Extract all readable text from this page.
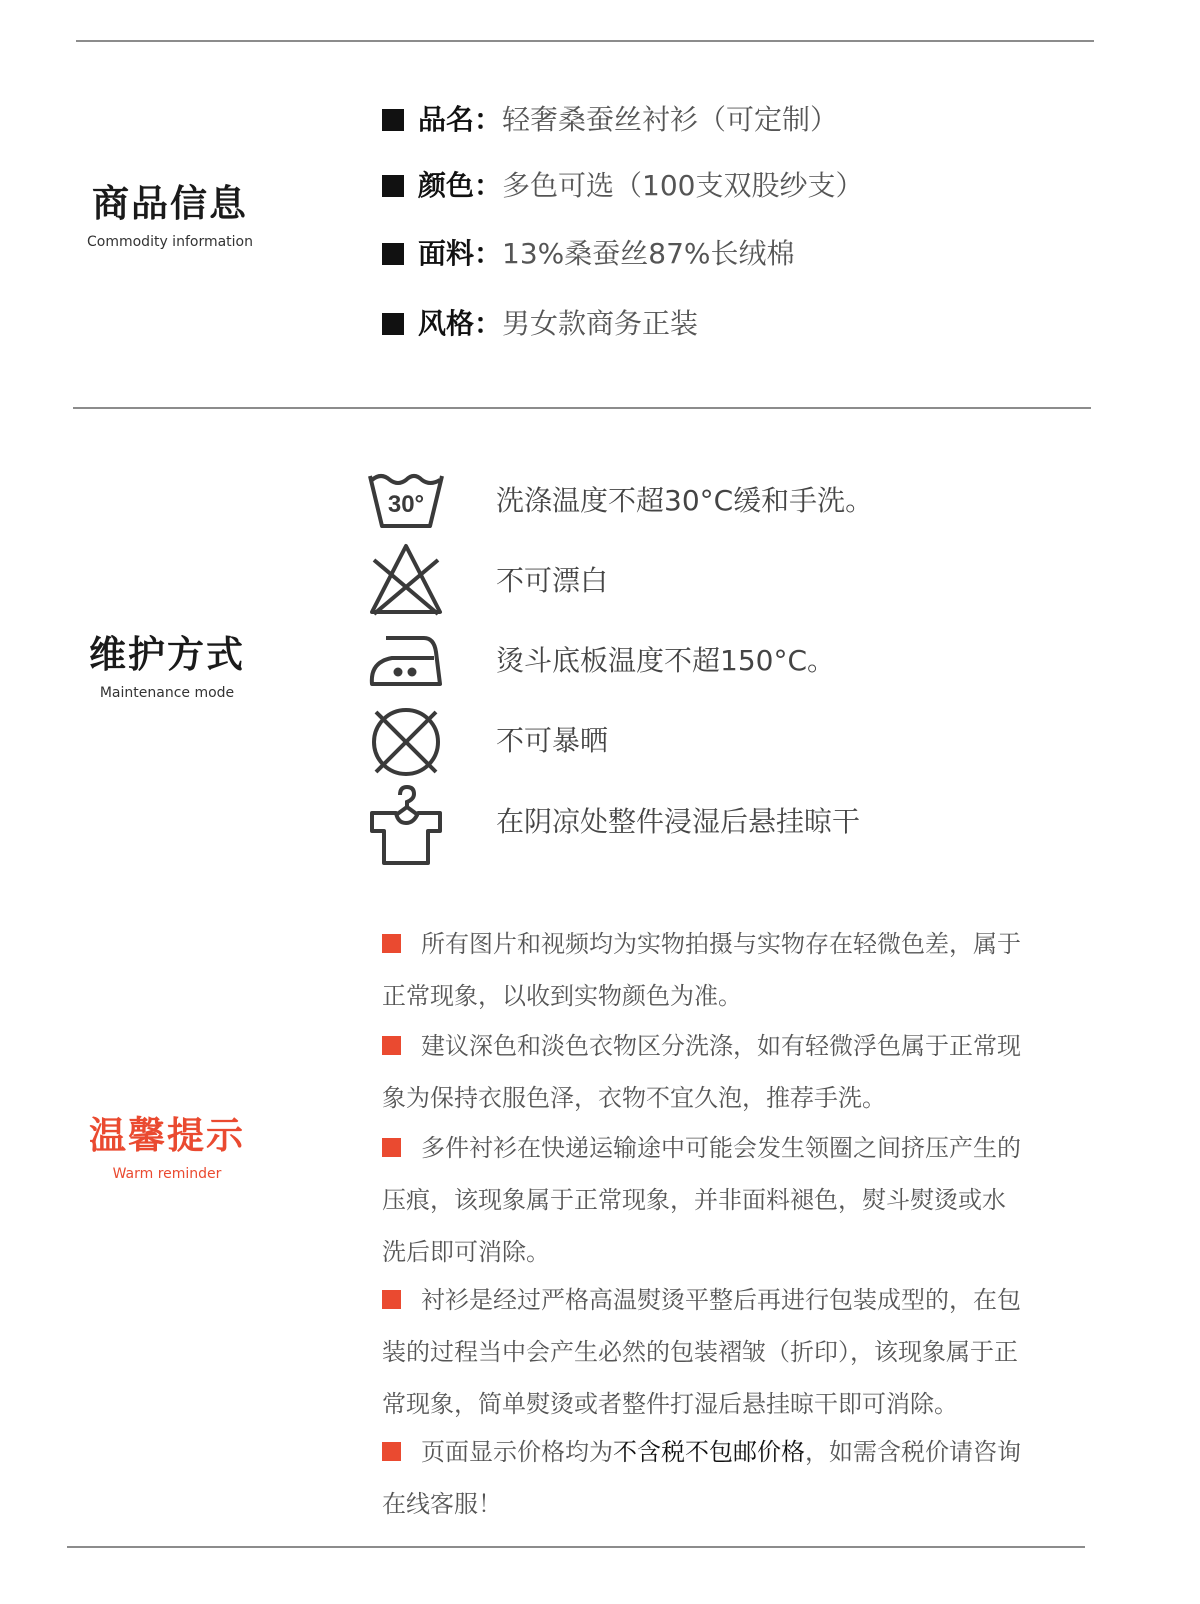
商品信息
Commodity information
品名： 轻奢桑蚕丝衬衫（可定制）
颜色： 多色可选（100支双股纱支）
面料： 13%桑蚕丝87%长绒棉
风格： 男女款商务正装
维护方式
Maintenance mode
30°	洗涤温度不超30°C缓和手洗。
不可漂白
烫斗底板温度不超150°C。
不可暴晒
在阴凉处整件浸湿后悬挂晾干
温馨提示
Warm reminder
所有图片和视频均为实物拍摄与实物存在轻微色差，属于正常现象，以收到实物颜色为准。
建议深色和淡色衣物区分洗涤，如有轻微浮色属于正常现象为保持衣服色泽，衣物不宜久泡，推荐手洗。
多件衬衫在快递运输途中可能会发生领圈之间挤压产生的压痕，该现象属于正常现象，并非面料褪色，熨斗熨烫或水洗后即可消除。
衬衫是经过严格高温熨烫平整后再进行包装成型的，在包装的过程当中会产生必然的包装褶皱（折印），该现象属于正常现象，简单熨烫或者整件打湿后悬挂晾干即可消除。
页面显示价格均为不含税不包邮价格，如需含税价请咨询在线客服！
